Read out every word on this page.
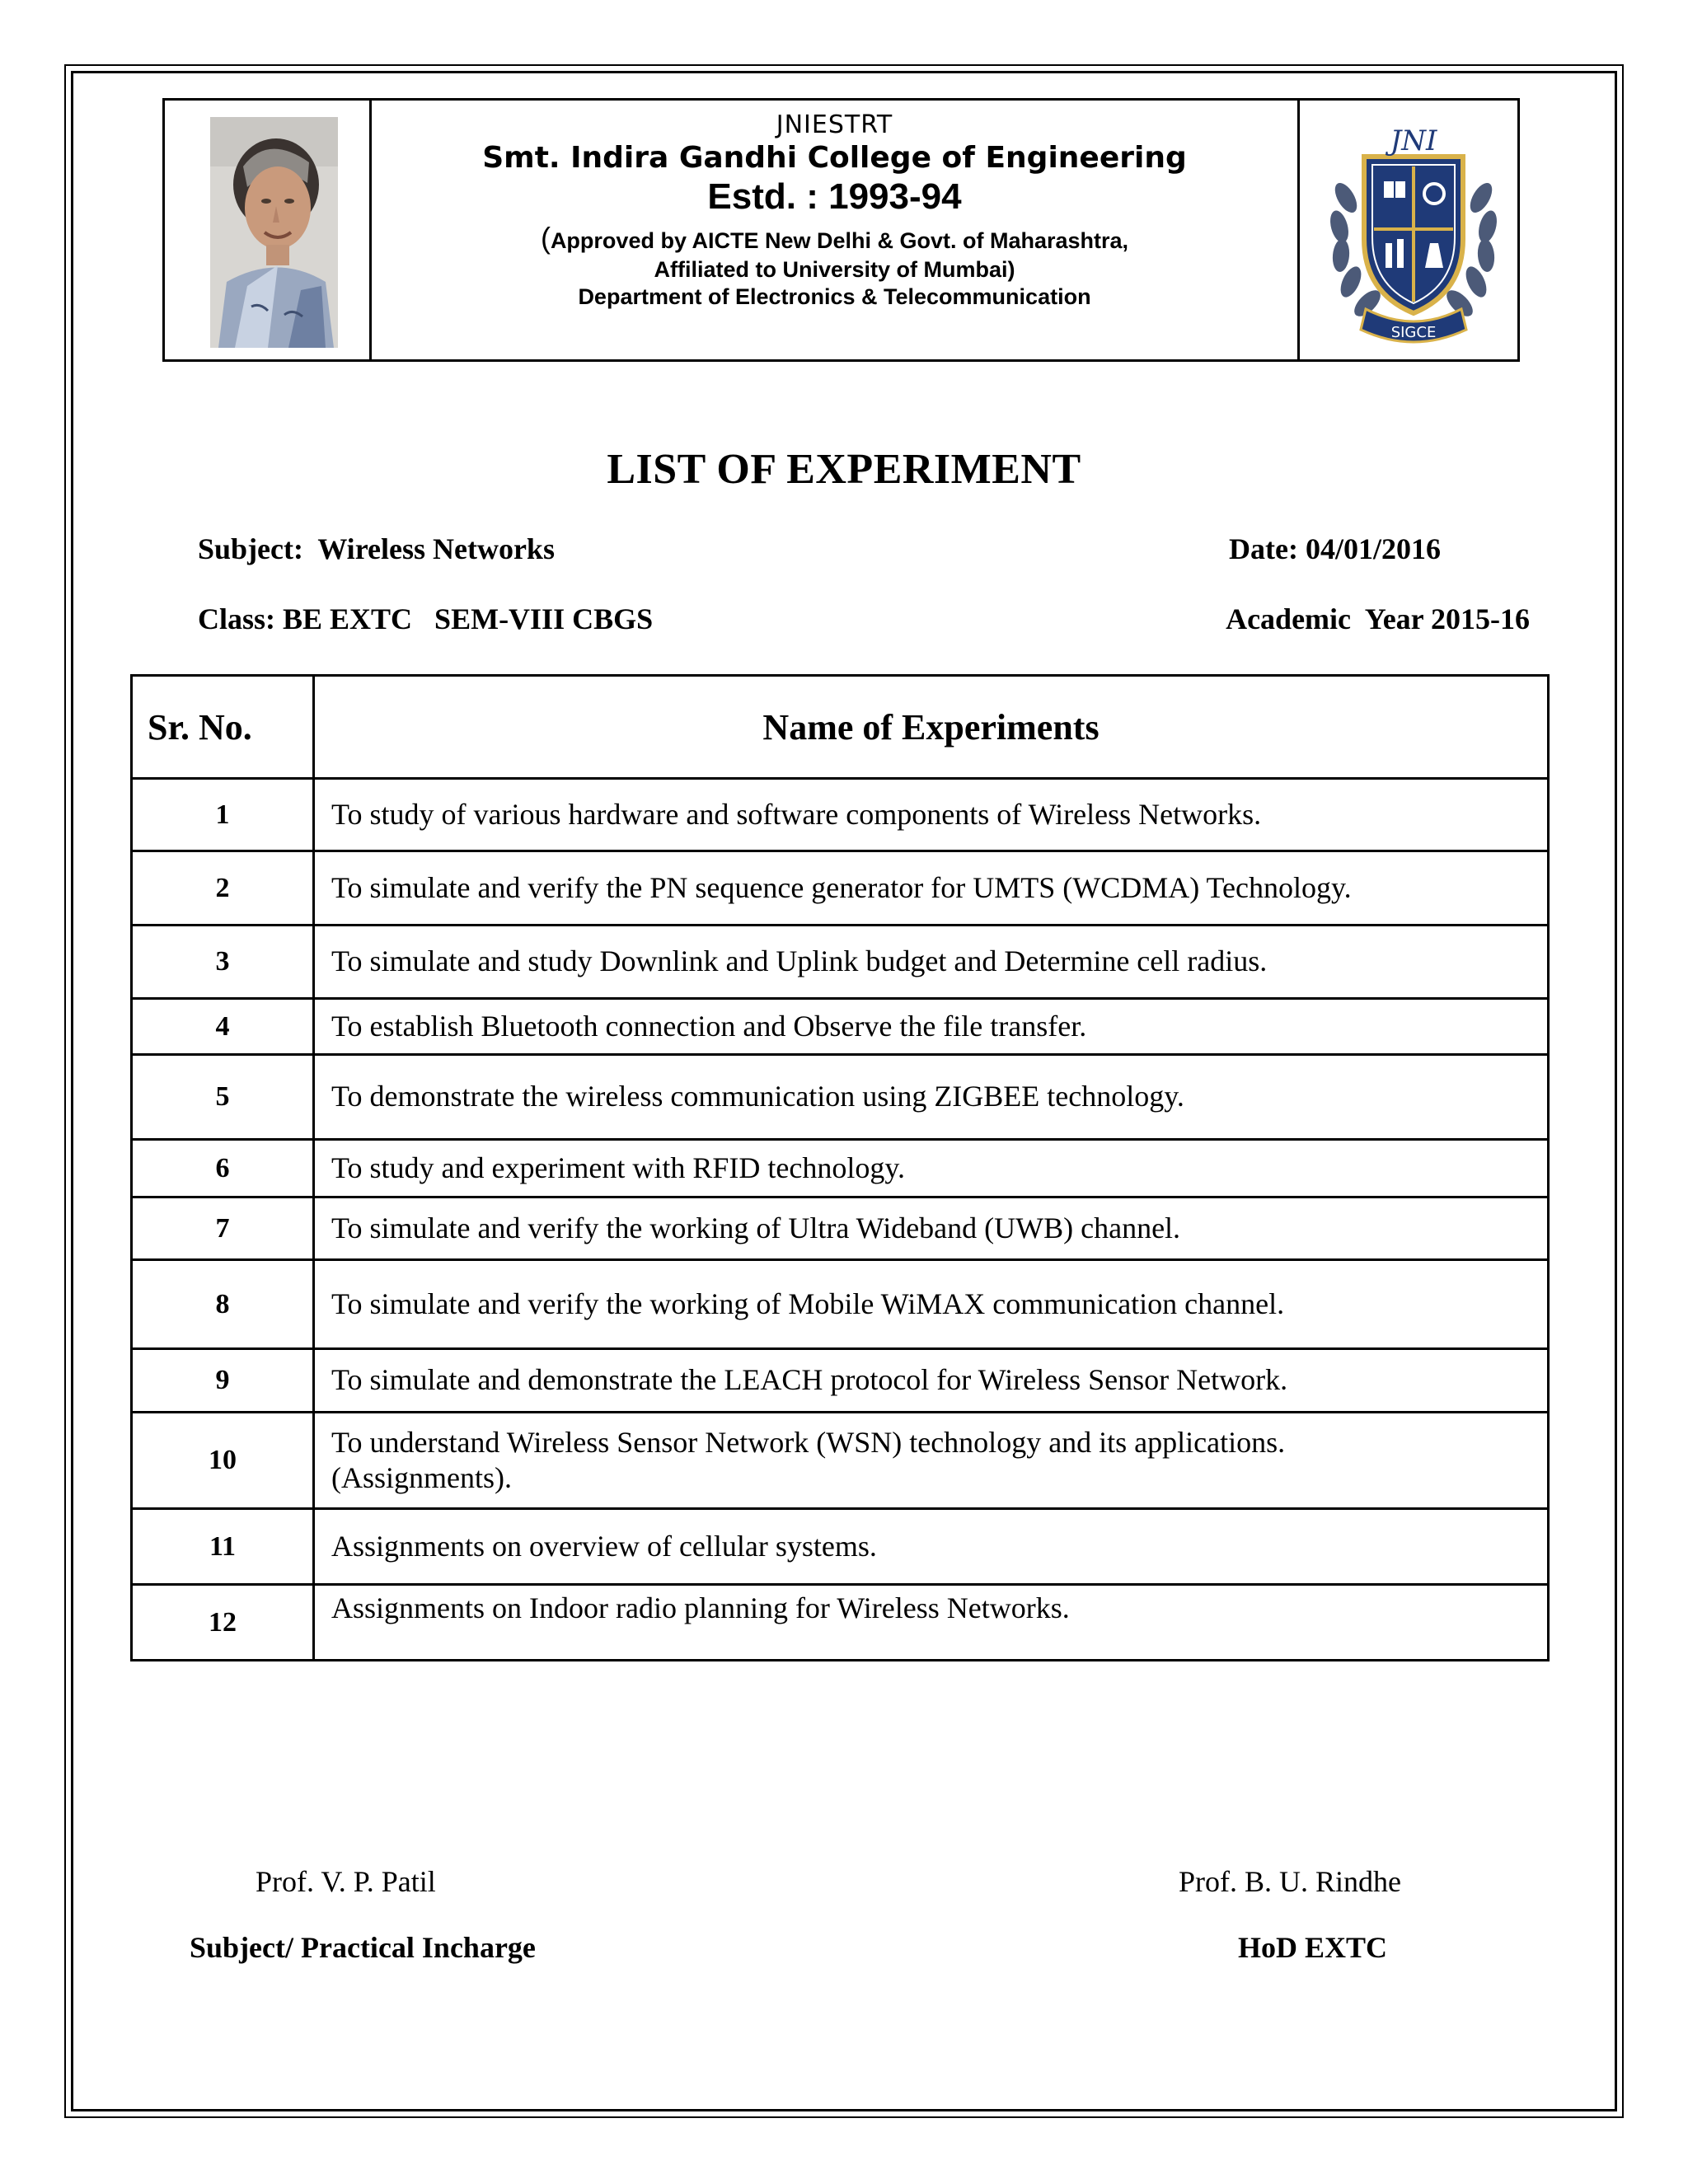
JNIESTRT
Smt. Indira Gandhi College of Engineering
Estd. : 1993-94
(Approved by AICTE New Delhi & Govt. of Maharashtra,
Affiliated to University of Mumbai)
Department of Electronics & Telecommunication
JNI
SIGCE
LIST OF EXPERIMENT
Subject:  Wireless Networks	Date: 04/01/2016
Class: BE EXTC   SEM-VIII CBGS	Academic  Year 2015-16
Sr. No.	Name of Experiments
1	To study of various hardware and software components of Wireless Networks.
2	To simulate and verify the PN sequence generator for UMTS (WCDMA) Technology.
3	To simulate and study Downlink and Uplink budget and Determine cell radius.
4	To establish Bluetooth connection and Observe the file transfer.
5	To demonstrate the wireless communication using ZIGBEE technology.
6	To study and experiment with RFID technology.
7	To simulate and verify the working of Ultra Wideband (UWB) channel.
8	To simulate and verify the working of Mobile WiMAX communication channel.
9	To simulate and demonstrate the LEACH protocol for Wireless Sensor Network.
10	To understand Wireless Sensor Network (WSN) technology and its applications.
(Assignments).
11	Assignments on overview of cellular systems.
12	Assignments on Indoor radio planning for Wireless Networks.
Prof. V. P. Patil
Subject/ Practical Incharge
Prof. B. U. Rindhe
HoD EXTC
